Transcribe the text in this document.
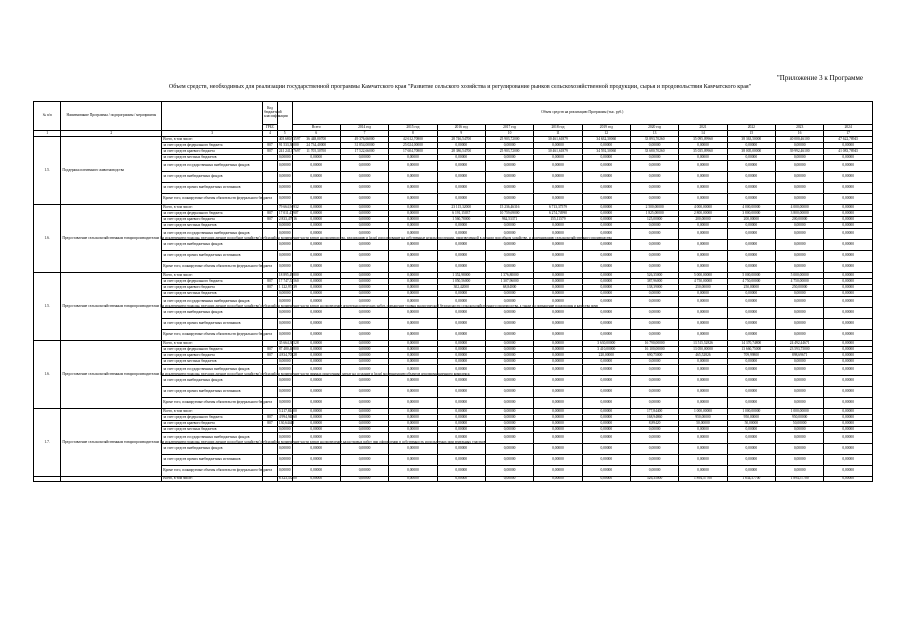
"Приложение 3 к Программе
Объем средств, необходимых для реализации государственной программы Камчатского края "Развитие сельского хозяйства и регулирование рынков сельскохозяйственной продукции, сырья и продовольствия Камчатского края"
№ п/п	Наименование Программы / подпрограммы / мероприятия		Код бюджетной классификации		Объем средств на реализацию Программы (тыс. руб.)											
			ГРБС		Всего	2014 год	2015 год	2016 год	2017 год	2018 год	2019 год	2020 год	2021	2022	2023	2024
1	2	3	4	5	6	7	8	9	10	11	12	13	14	15	16	17
1.5.	Поддержка племенного животноводства	Всего, в том числе:		403 680,93597	36 448,00700	49 376,66000	42 612,70800	28 746,54700	25 903,72000	30 461,61879	34 632,30060	33 893,70260	35 095,09960	38 363,50000	40 000,46100	47 622,78945
		за счет средств федерального бюджета	807	91 533,30000	24 734,40000	31 854,00000	25 024,00000	0,00000	0,00000	0,00000	0,00000	0,00000	0,00000	0,00000	0,00000	0,00000
		за счет средств краевого бюджета	807	241 241,87697	11 705,30700	17 522,66000	17 604,70800	28 386,54700	25 903,72000	30 461,61879	34 592,30060	33 680,70260	35 035,09960	38 005,00000	39 992,46100	41 083,78945
		за счет средств местных бюджетов		0,00000	0,00000	0,00000	0,00000	0,00000	0,00000	0,00000	0,00000	0,00000	0,00000	0,00000	0,00000	0,00000
		за счет средств государственных внебюджетных фондов		0,00000	0,00000	0,00000	0,00000	0,00000	0,00000	0,00000	0,00000	0,00000	0,00000	0,00000	0,00000	0,00000
		за счет средств внебюджетных фондов		0,00000	0,00000	0,00000	0,00000	0,00000	0,00000	0,00000	0,00000	0,00000	0,00000	0,00000	0,00000	0,00000
		за счет средств прочих внебюджетных источников		0,00000	0,00000	0,00000	0,00000	0,00000	0,00000	0,00000	0,00000	0,00000	0,00000	0,00000	0,00000	0,00000
		Кроме того, планируемые объемы обязательств федерального бюджета		0,00000	0,00000	0,00000	0,00000	0,00000	0,00000	0,00000	0,00000	0,00000	0,00000	0,00000	0,00000	0,00000
1.6.	Предоставление сельскохозяйственным товаропроизводителям (за исключением граждан, ведущих личное подсобное хозяйство) субсидий на возмещение части затрат на производство, реализацию и (или) использование на собственные нужды продукции, произведенной в личном подсобном хозяйстве, и модернизацию сельскохозяйственного производства	Всего, в том числе:		79 664,94932	0,00000	0,00000	0,00000	23 115,32000	15 236,46316	6 713,37579	0,00000	2 500,00000	4 000,00000	4 000,00000	4 000,00000	0,00000
		за счет средств федерального бюджета	807	17 011,47907	0,00000	0,00000	0,00000	6 191,15037	10 759,69000	6 274,74990	0,00000	1 825,00000	2 800,00000	3 800,00000	3 800,00000	0,00000
		за счет средств краевого бюджета	807	2 833,47916	0,00000	0,00000	0,00000	1 560,78000	962,53371	155,11579	0,00000	125,00000	200,00000	200,00000	200,00000	0,00000
		за счет средств местных бюджетов		0,00000	0,00000	0,00000	0,00000	0,00000	0,00000	0,00000	0,00000	0,00000	0,00000	0,00000	0,00000	0,00000
		за счет средств государственных внебюджетных фондов		0,00000	0,00000	0,00000	0,00000	0,00000	0,00000	0,00000	0,00000	0,00000	0,00000	0,00000	0,00000	0,00000
		за счет средств внебюджетных фондов		0,00000	0,00000	0,00000	0,00000	0,00000	0,00000	0,00000	0,00000	0,00000	0,00000	0,00000	0,00000	0,00000
		за счет средств прочих внебюджетных источников		0,00000	0,00000	0,00000	0,00000	0,00000	0,00000	0,00000	0,00000	0,00000	0,00000	0,00000	0,00000	0,00000
		Кроме того, планируемые объемы обязательств федерального бюджета		0,00000	0,00000	0,00000	0,00000	0,00000	0,00000	0,00000	0,00000	0,00000	0,00000	0,00000	0,00000	0,00000
1.5.	Предоставление сельскохозяйственным товаропроизводителям (за исключением граждан, ведущих личное подсобное хозяйство) субсидий на возмещение части затрат на проведение агротехнологических работ, повышение уровня экологической безопасности сельскохозяйственного производства, а также на повышение плодородия и качества почв	Всего, в том числе:		18 895,49800	0,00000	0,00000	0,00000	1 352,98000	1 376,80000	0,00000	0,00000	526,35000	5 000,00000	5 000,00000	5 000,00000	0,00000
		за счет средств федерального бюджета	807	17 747,52560	0,00000	0,00000	0,00000	1 050,56000	1 307,96000	0,00000	0,00000	387,96000	4 750,00000	4 750,00000	4 750,00000	0,00000
		за счет средств краевого бюджета	807	1 122,97439	0,00000	0,00000	0,00000	302,42000	68,84000	0,00000	0,00000	138,39000	250,00000	250,00000	250,00000	0,00000
		за счет средств местных бюджетов		0,00000	0,00000	0,00000	0,00000	0,00000	0,00000	0,00000	0,00000	0,00000	0,00000	0,00000	0,00000	0,00000
		за счет средств государственных внебюджетных фондов		0,00000	0,00000	0,00000	0,00000	0,00000	0,00000	0,00000	0,00000	0,00000	0,00000	0,00000	0,00000	0,00000
		за счет средств внебюджетных фондов		0,00000	0,00000	0,00000	0,00000	0,00000	0,00000	0,00000	0,00000	0,00000	0,00000	0,00000	0,00000	0,00000
		за счет средств прочих внебюджетных источников		0,00000	0,00000	0,00000	0,00000	0,00000	0,00000	0,00000	0,00000	0,00000	0,00000	0,00000	0,00000	0,00000
		Кроме того, планируемые объемы обязательств федерального бюджета		0,00000	0,00000	0,00000	0,00000	0,00000	0,00000	0,00000	0,00000	0,00000	0,00000	0,00000	0,00000	0,00000
1.6.	Предоставление сельскохозяйственным товаропроизводителям (за исключением граждан, ведущих личное подсобное хозяйство) субсидий на возмещение части прямых понесенных затрат на создание и (или) модернизацию объектов агропромышленного комплекса	Всего, в том числе:		35 664,30528	0,00000	0,00000	0,00000	0,00000	0,00000	0,00000	3 630,00000	16 790,00000	13 515,52826	14 370,74800	24 492,44671	0,00000
		за счет средств федерального бюджета	807	87 480,40800	0,00000	0,00000	0,00000	0,00000	0,00000	0,00000	3 410,00000	16 100,00000	13 050,00000	13 660,75000	23 593,75000	0,00000
		за счет средств краевого бюджета	807	4 834,70528	0,00000	0,00000	0,00000	0,00000	0,00000	0,00000	220,00000	690,75000	465,52826	709,99800	898,69671	0,00000
		за счет средств местных бюджетов		0,00000	0,00000	0,00000	0,00000	0,00000	0,00000	0,00000	0,00000	0,00000	0,00000	0,00000	0,00000	0,00000
		за счет средств государственных внебюджетных фондов		0,00000	0,00000	0,00000	0,00000	0,00000	0,00000	0,00000	0,00000	0,00000	0,00000	0,00000	0,00000	0,00000
		за счет средств внебюджетных фондов		0,00000	0,00000	0,00000	0,00000	0,00000	0,00000	0,00000	0,00000	0,00000	0,00000	0,00000	0,00000	0,00000
		за счет средств прочих внебюджетных источников		0,00000	0,00000	0,00000	0,00000	0,00000	0,00000	0,00000	0,00000	0,00000	0,00000	0,00000	0,00000	0,00000
		Кроме того, планируемые объемы обязательств федерального бюджета		0,00000	0,00000	0,00000	0,00000	0,00000	0,00000	0,00000	0,00000	0,00000	0,00000	0,00000	0,00000	0,00000
1.7.	Предоставление сельскохозяйственным товаропроизводителям (за исключением граждан, ведущих личное подсобное хозяйство) субсидий на возмещение части затрат на проведение кадастровых работ при оформлении в собственность используемых ими земельных участков	Всего, в том числе:		5 217,84400	0,00000	0,00000	0,00000	0,00000	0,00000	0,00000	0,00000	177,84400	1 000,00000	1 000,00000	1 000,00000	0,00000
		за счет средств федерального бюджета	807	4 994,94860	0,00000	0,00000	0,00000	0,00000	0,00000	0,00000	0,00000	168,94860	950,00000	950,00000	950,00000	0,00000
		за счет средств краевого бюджета	807	130,64440	0,00000	0,00000	0,00000	0,00000	0,00000	0,00000	0,00000	8,89420	50,00000	50,00000	50,00000	0,00000
		за счет средств местных бюджетов		0,00000	0,00000	0,00000	0,00000	0,00000	0,00000	0,00000	0,00000	0,00000	0,00000	0,00000	0,00000	0,00000
		за счет средств государственных внебюджетных фондов		0,00000	0,00000	0,00000	0,00000	0,00000	0,00000	0,00000	0,00000	0,00000	0,00000	0,00000	0,00000	0,00000
		за счет средств внебюджетных фондов		0,00000	0,00000	0,00000	0,00000	0,00000	0,00000	0,00000	0,00000	0,00000	0,00000	0,00000	0,00000	0,00000
		за счет средств прочих внебюджетных источников		0,00000	0,00000	0,00000	0,00000	0,00000	0,00000	0,00000	0,00000	0,00000	0,00000	0,00000	0,00000	0,00000
		Кроме того, планируемые объемы обязательств федерального бюджета		0,00000	0,00000	0,00000	0,00000	0,00000	0,00000	0,00000	0,00000	0,00000	0,00000	0,00000	0,00000	0,00000
		Всего, в том числе:		6 323,53200	0,00000	0,00000	0,00000	0,00000	0,00000	0,00000	0,00000	526,35000	1 894,57700	1 634,57700	1 894,57700	0,00000
